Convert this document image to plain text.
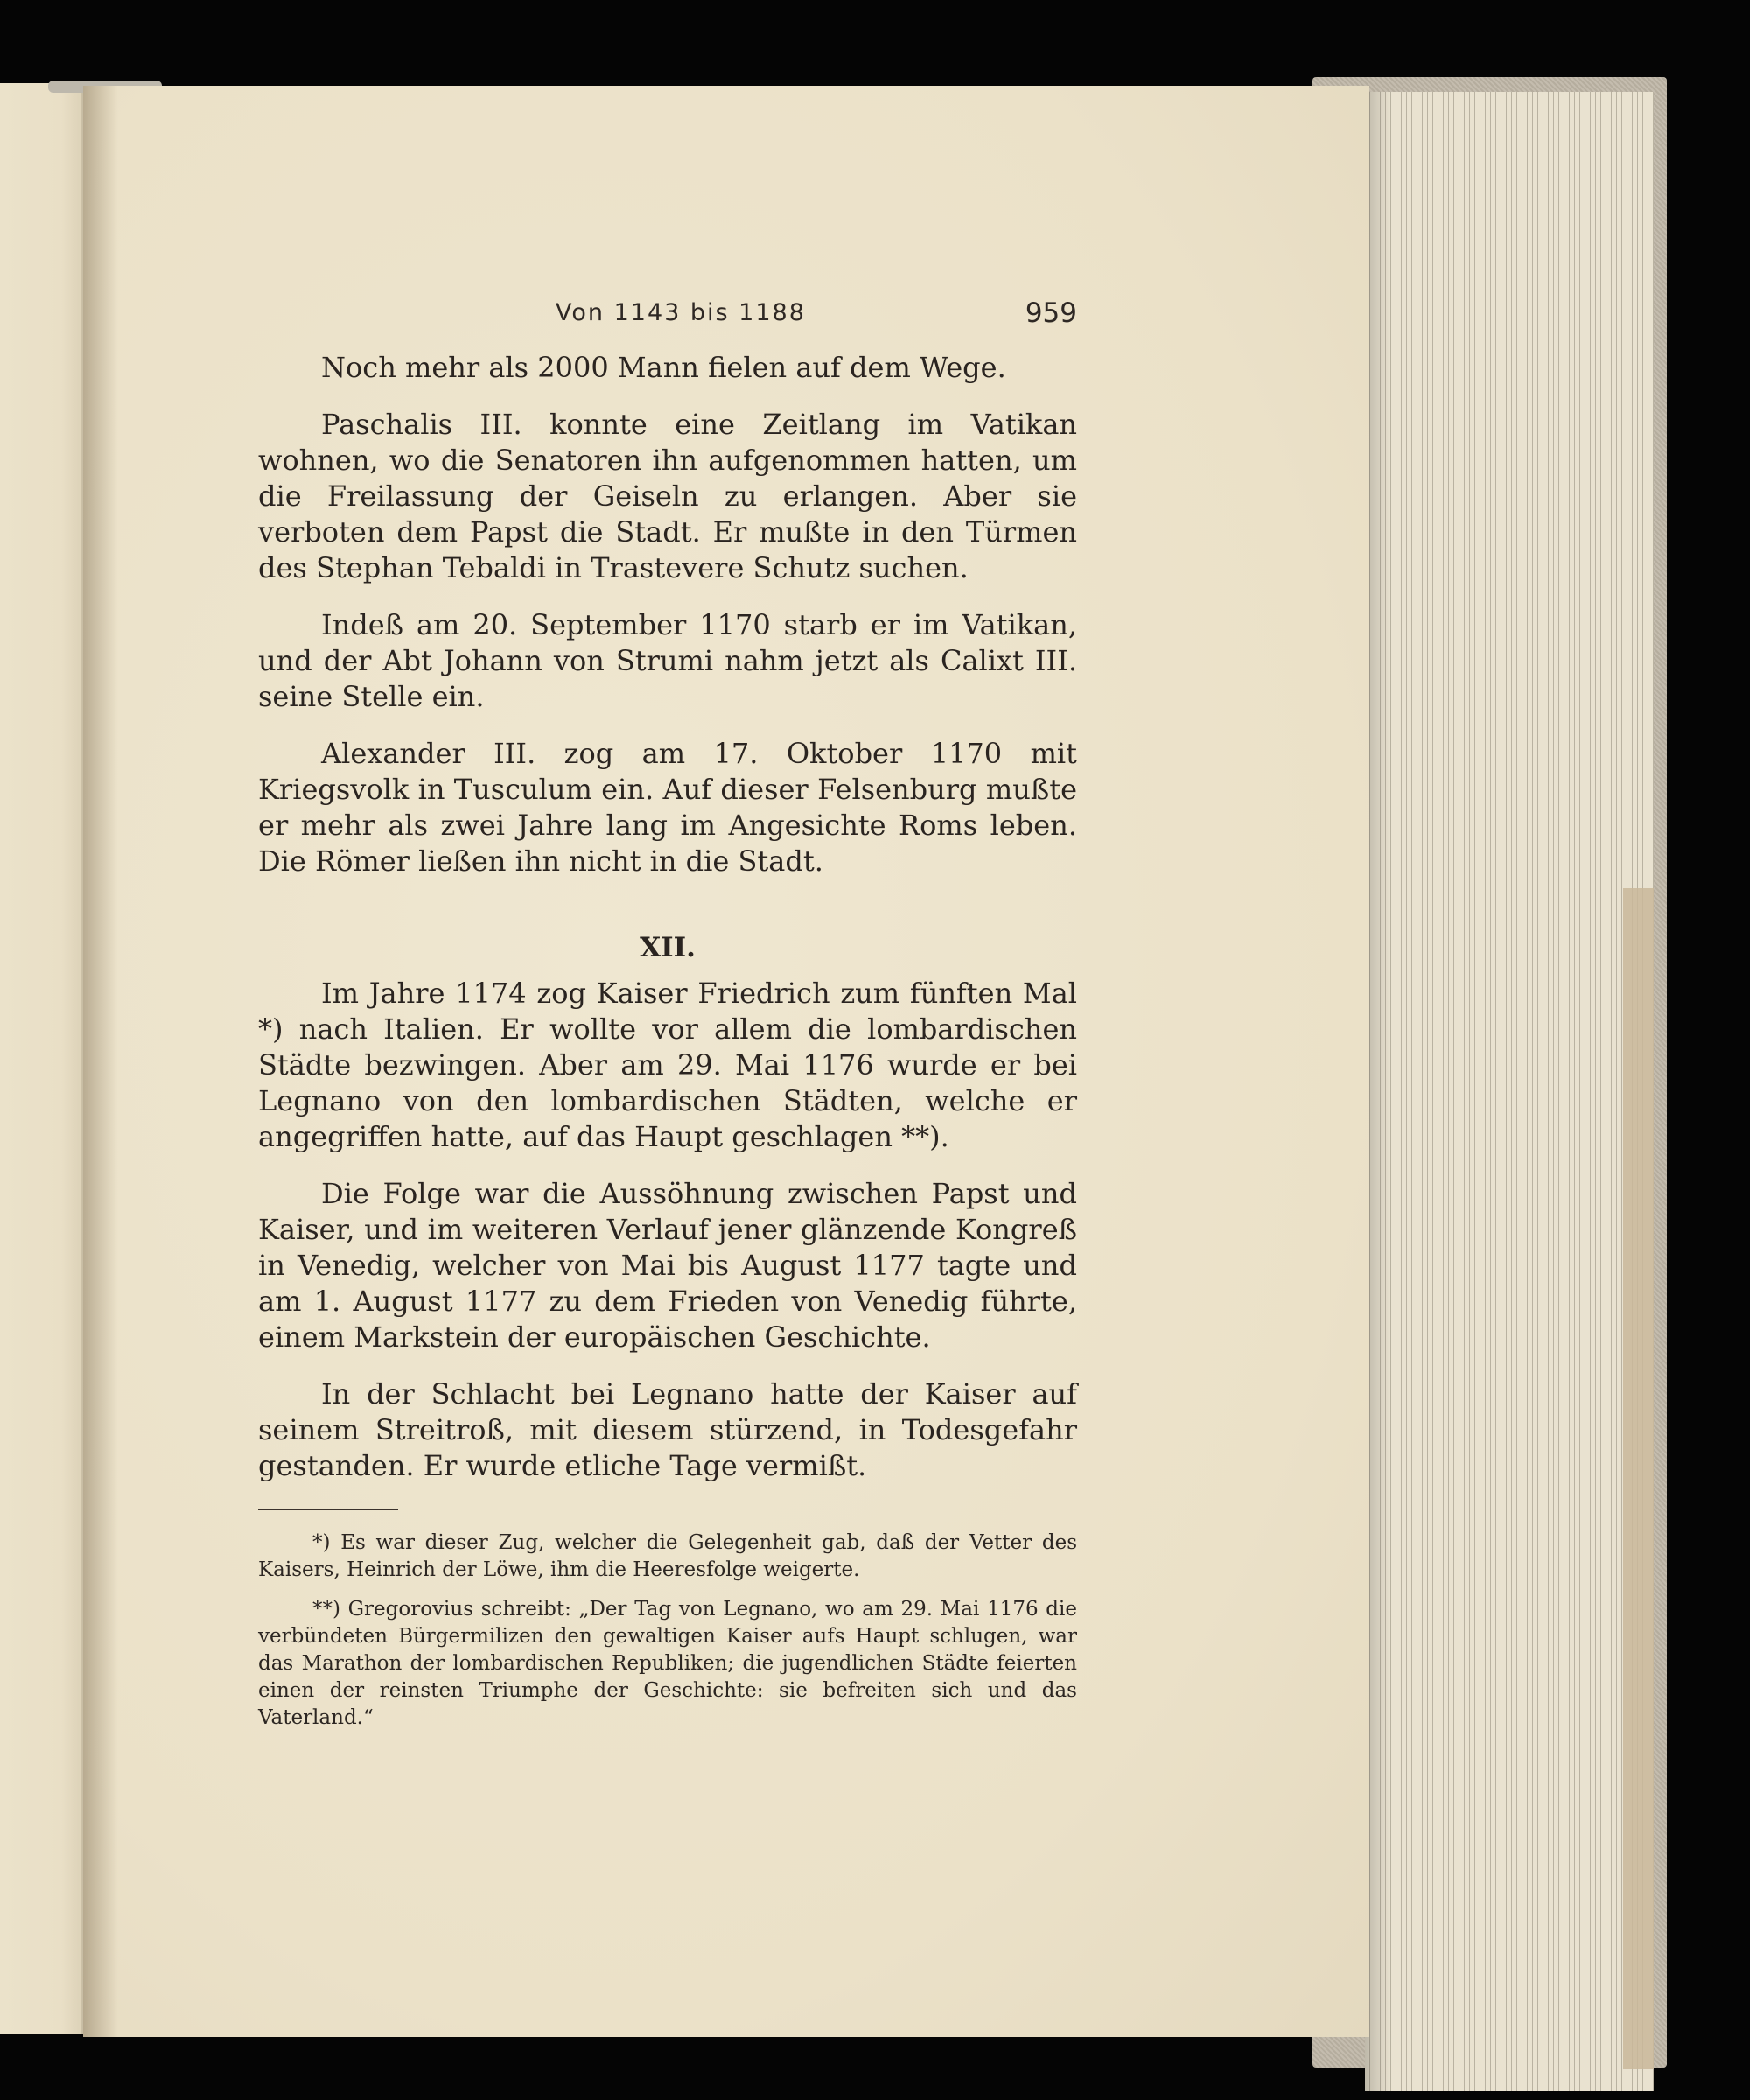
Von 1143 bis 1188	959

Noch mehr als 2000 Mann fielen auf dem Wege.

Paschalis III. konnte eine Zeitlang im Vatikan wohnen, wo die Senatoren ihn aufgenommen hatten, um die Freilassung der Geiseln zu erlangen. Aber sie verboten dem Papst die Stadt. Er mußte in den Türmen des Stephan Tebaldi in Trastevere Schutz suchen.

Indeß am 20. September 1170 starb er im Vatikan, und der Abt Johann von Strumi nahm jetzt als Calixt III. seine Stelle ein.

Alexander III. zog am 17. Oktober 1170 mit Kriegsvolk in Tusculum ein. Auf dieser Felsenburg mußte er mehr als zwei Jahre lang im Angesichte Roms leben. Die Römer ließen ihn nicht in die Stadt.

XII.

Im Jahre 1174 zog Kaiser Friedrich zum fünften Mal *) nach Italien. Er wollte vor allem die lombardischen Städte bezwingen. Aber am 29. Mai 1176 wurde er bei Legnano von den lombardischen Städten, welche er angegriffen hatte, auf das Haupt geschlagen **).

Die Folge war die Aussöhnung zwischen Papst und Kaiser, und im weiteren Verlauf jener glänzende Kongreß in Venedig, welcher von Mai bis August 1177 tagte und am 1. August 1177 zu dem Frieden von Venedig führte, einem Markstein der europäischen Geschichte.

In der Schlacht bei Legnano hatte der Kaiser auf seinem Streitroß, mit diesem stürzend, in Todesgefahr gestanden. Er wurde etliche Tage vermißt.

*) Es war dieser Zug, welcher die Gelegenheit gab, daß der Vetter des Kaisers, Heinrich der Löwe, ihm die Heeresfolge weigerte.

**) Gregorovius schreibt: „Der Tag von Legnano, wo am 29. Mai 1176 die verbündeten Bürgermilizen den gewaltigen Kaiser aufs Haupt schlugen, war das Marathon der lombardischen Republiken; die jugendlichen Städte feierten einen der reinsten Triumphe der Geschichte: sie befreiten sich und das Vaterland.“
